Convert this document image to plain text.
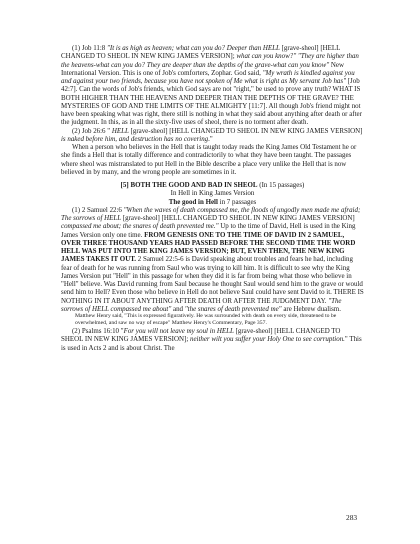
(1) Job 11:8 "It is as high as heaven; what can you do? Deeper than HELL [grave-sheol] [HELL CHANGED TO SHEOL IN NEW KING JAMES VERSION]; what can you know?" "They are higher than the heavens-what can you do? They are deeper than the depths of the grave-what can you know" New International Version. This is one of Job's comforters, Zophar. God said, "My wrath is kindled against you and against your two friends, because you have not spoken of Me what is right as My servant Job has" [Job 42:7]. Can the words of Job's friends, which God says are not "right," be used to prove any truth? WHAT IS BOTH HIGHER THAN THE HEAVENS AND DEEPER THAN THE DEPTHS OF THE GRAVE? THE MYSTERIES OF GOD AND THE LIMITS OF THE ALMIGHTY [11:7]. All though Job's friend might not have been speaking what was right, there still is nothing in what they said about anything after death or after the judgment. In this, as in all the sixty-five uses of sheol, there is no torment after death.

(2) Job 26:6 " HELL [grave-sheol] [HELL CHANGED TO SHEOL IN NEW KING JAMES VERSION] is naked before him, and destruction has no covering."

When a person who believes in the Hell that is taught today reads the King James Old Testament he or she finds a Hell that is totally difference and contradictorily to what they have been taught. The passages where sheol was mistranslated to put Hell in the Bible describe a place very unlike the Hell that is now believed in by many, and the wrong people are sometimes in it.

[5] BOTH THE GOOD AND BAD IN SHEOL (In 15 passages)

In Hell in King James Version

The good in Hell in 7 passages

(1) 2 Samuel 22:6 "When the waves of death compassed me, the floods of ungodly men made me afraid; The sorrows of HELL [grave-sheol] [HELL CHANGED TO SHEOL IN NEW KING JAMES VERSION] compassed me about; the snares of death prevented me." Up to the time of David, Hell is used in the King James Version only one time. FROM GENESIS ONE TO THE TIME OF DAVID IN 2 SAMUEL, OVER THREE THOUSAND YEARS HAD PASSED BEFORE THE SECOND TIME THE WORD HELL WAS PUT INTO THE KING JAMES VERSION; BUT, EVEN THEN, THE NEW KING JAMES TAKES IT OUT. 2 Samuel 22:5-6 is David speaking about troubles and fears he had, including fear of death for he was running from Saul who was trying to kill him. It is difficult to see why the King James Version put "Hell" in this passage for when they did it is far from being what those who believe in "Hell" believe. Was David running from Saul because he thought Saul would send him to the grave or would send him to Hell? Even those who believe in Hell do not believe Saul could have sent David to it. THERE IS NOTHING IN IT ABOUT ANYTHING AFTER DEATH OR AFTER THE JUDGMENT DAY. "The sorrows of HELL compassed me about" and "the snares of death prevented me" are Hebrew dualism.

Matthew Henry said, "This is expressed figuratively. He was surrounded with death on every side, threatened to be overwhelmed, and saw no way of escape" Matthew Henry's Commentary, Page 357.

(2) Psalms 16:10 "For you will not leave my soul in HELL [grave-sheol] [HELL CHANGED TO SHEOL IN NEW KING JAMES VERSION]; neither wilt you suffer your Holy One to see corruption." This is used in Acts 2 and is about Christ. The

283
